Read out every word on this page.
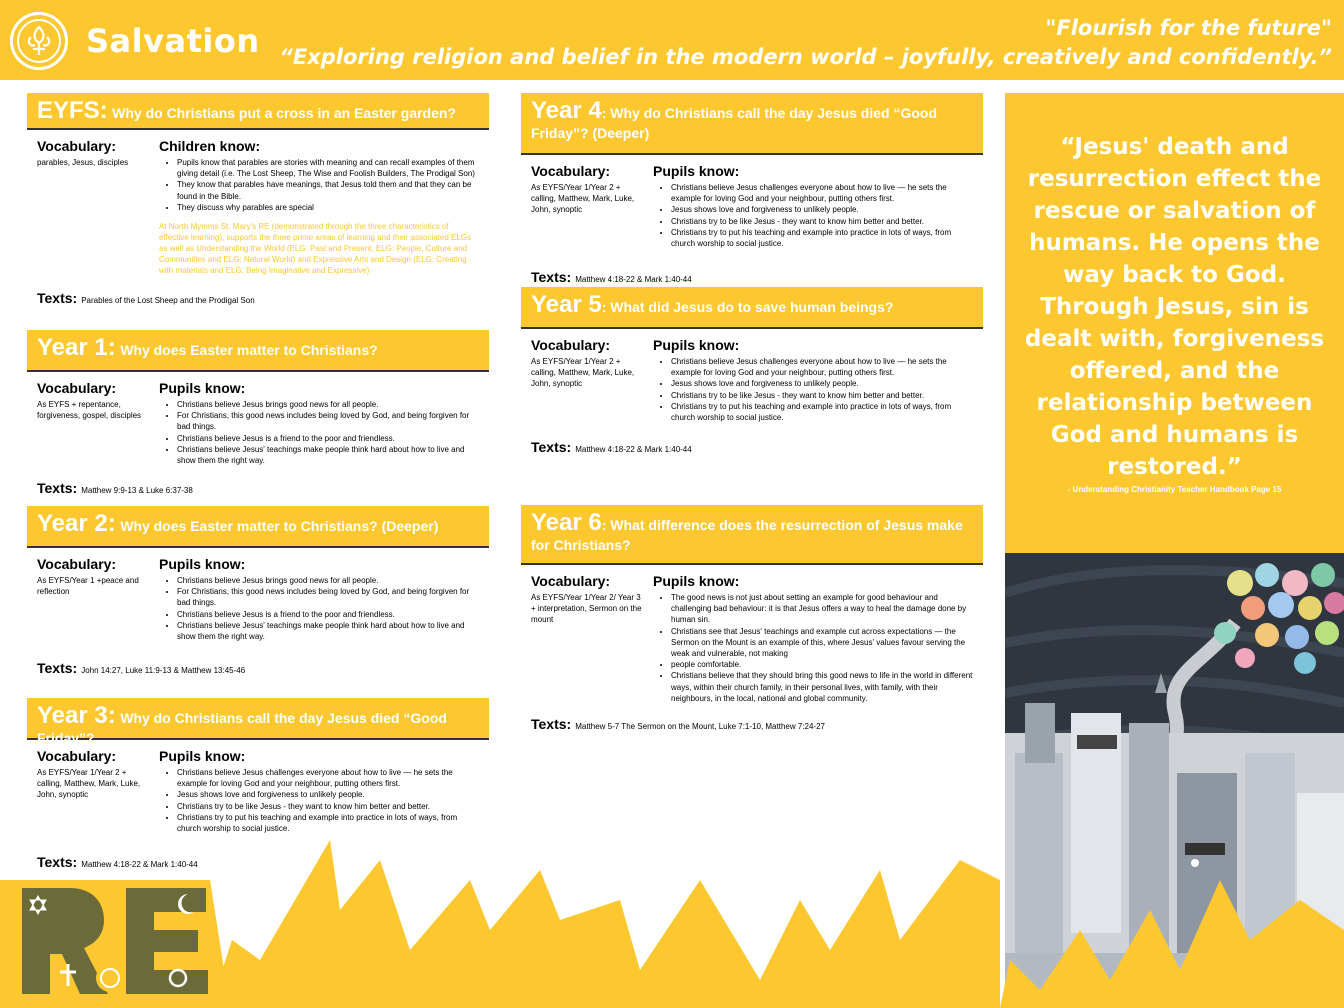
Salvation	"Flourish for the future"
“Exploring religion and belief in the modern world – joyfully, creatively and confidently.”
EYFS: Why do Christians put a cross in an Easter garden?
Vocabulary:
parables, Jesus, disciples
Children know:
• Pupils know that parables are stories with meaning and can recall examples of them giving detail (i.e. The Lost Sheep, The Wise and Foolish Builders, The Prodigal Son)
• They know that parables have meanings, that Jesus told them and that they can be found in the Bible.
• They discuss why parables are special
At North Mymms St. Mary's RE (demonstrated through the three characteristics of effective learning), supports the three prime areas of learning and their associated ELGs as well as Understanding the World (ELG: Past and Present, ELG: People, Culture and Communities and ELG: Natural World) and Expressive Arts and Design (ELG: Creating with materials and ELG: Being Imaginative and Expressive)
Texts: Parables of the Lost Sheep and the Prodigal Son
Year 1: Why does Easter matter to Christians?
Vocabulary:
As EYFS + repentance, forgiveness, gospel, disciples
Pupils know:
• Christians believe Jesus brings good news for all people.
• For Christians, this good news includes being loved by God, and being forgiven for bad things.
• Christians believe Jesus is a friend to the poor and friendless.
• Christians believe Jesus' teachings make people think hard about how to live and show them the right way.
Texts: Matthew 9:9-13 & Luke 6:37-38
Year 2: Why does Easter matter to Christians? (Deeper)
Vocabulary:
As EYFS/Year 1 +peace and reflection
Pupils know:
• Christians believe Jesus brings good news for all people.
• For Christians, this good news includes being loved by God, and being forgiven for bad things.
• Christians believe Jesus is a friend to the poor and friendless.
• Christians believe Jesus' teachings make people think hard about how to live and show them the right way.
Texts: John 14:27, Luke 11:9-13 & Matthew 13:45-46
Year 3: Why do Christians call the day Jesus died “Good Friday”?
Vocabulary:
As EYFS/Year 1/Year 2 + calling, Matthew, Mark, Luke, John, synoptic
Pupils know:
• Christians believe Jesus challenges everyone about how to live — he sets the example for loving God and your neighbour, putting others first.
• Jesus shows love and forgiveness to unlikely people.
• Christians try to be like Jesus - they want to know him better and better.
• Christians try to put his teaching and example into practice in lots of ways, from church worship to social justice.
Texts: Matthew 4:18-22 & Mark 1:40-44
Year 4: Why do Christians call the day Jesus died “Good Friday”? (Deeper)
Vocabulary:
As EYFS/Year 1/Year 2 + calling, Matthew, Mark, Luke, John, synoptic
Pupils know:
• Christians believe Jesus challenges everyone about how to live — he sets the example for loving God and your neighbour, putting others first.
• Jesus shows love and forgiveness to unlikely people.
• Christians try to be like Jesus - they want to know him better and better.
• Christians try to put his teaching and example into practice in lots of ways, from church worship to social justice.
Texts: Matthew 4:18-22 & Mark 1:40-44
Year 5: What did Jesus do to save human beings?
Vocabulary:
As EYFS/Year 1/Year 2 + calling, Matthew, Mark, Luke, John, synoptic
Pupils know:
• Christians believe Jesus challenges everyone about how to live — he sets the example for loving God and your neighbour, putting others first.
• Jesus shows love and forgiveness to unlikely people.
• Christians try to be like Jesus - they want to know him better and better.
• Christians try to put his teaching and example into practice in lots of ways, from church worship to social justice.
Texts: Matthew 4:18-22 & Mark 1:40-44
Year 6: What difference does the resurrection of Jesus make for Christians?
Vocabulary:
As EYFS/Year 1/Year 2/ Year 3 + interpretation, Sermon on the mount
Pupils know:
• The good news is not just about setting an example for good behaviour and challenging bad behaviour: it is that Jesus offers a way to heal the damage done by human sin.
• Christians see that Jesus' teachings and example cut across expectations — the Sermon on the Mount is an example of this, where Jesus' values favour serving the weak and vulnerable, not making
• people comfortable.
• Christians believe that they should bring this good news to life in the world in different ways, within their church family, in their personal lives, with family, with their neighbours, in the local, national and global community.
Texts: Matthew 5-7 The Sermon on the Mount, Luke 7:1-10, Matthew 7:24-27
“Jesus' death and resurrection effect the rescue or salvation of humans. He opens the way back to God. Through Jesus, sin is dealt with, forgiveness offered, and the relationship between God and humans is restored.”
- Understanding Christianity Teacher Handbook Page 15
